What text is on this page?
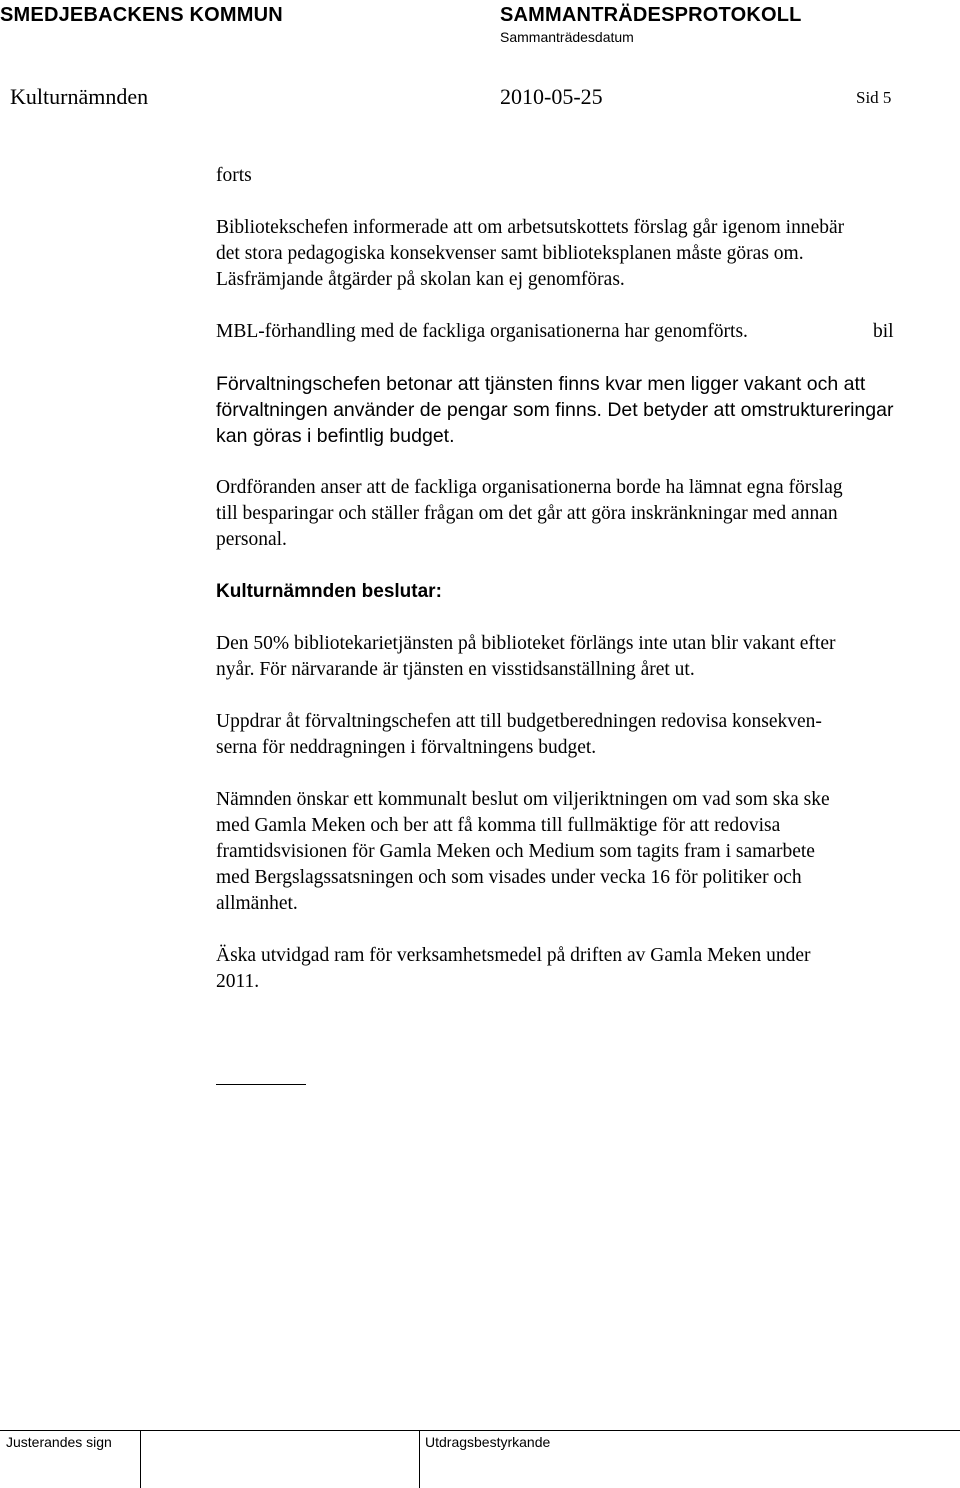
SMEDJEBACKENS KOMMUN	SAMMANTRÄDESPROTOKOLL
Sammanträdesdatum
Kulturnämnden	2010-05-25	Sid 5

forts

Bibliotekschefen informerade att om arbetsutskottets förslag går igenom innebär

det stora pedagogiska konsekvenser samt biblioteksplanen måste göras om.

Läsfrämjande åtgärder på skolan kan ej genomföras.

MBL-förhandling med de fackliga organisationerna har genomförts.	bil

Förvaltningschefen betonar att tjänsten finns kvar men ligger vakant och att

förvaltningen använder de pengar som finns. Det betyder att omstruktureringar

kan göras i befintlig budget.

Ordföranden anser att de fackliga organisationerna borde ha lämnat egna förslag

till besparingar och ställer frågan om det går att göra inskränkningar med annan

personal.

Kulturnämnden beslutar:

Den 50% bibliotekarietjänsten på biblioteket förlängs inte utan blir vakant efter

nyår. För närvarande är tjänsten en visstidsanställning året ut.

Uppdrar åt förvaltningschefen att till budgetberedningen redovisa konsekven-

serna för neddragningen i förvaltningens budget.

Nämnden önskar ett kommunalt beslut om viljeriktningen om vad som ska ske

med Gamla Meken och ber att få komma till fullmäktige för att redovisa

framtidsvisionen för Gamla Meken och Medium som tagits fram i samarbete

med Bergslagssatsningen och som visades under vecka 16 för politiker och

allmänhet.

Äska utvidgad ram för verksamhetsmedel på driften av Gamla Meken under

2011.

Justerandes sign	Utdragsbestyrkande
